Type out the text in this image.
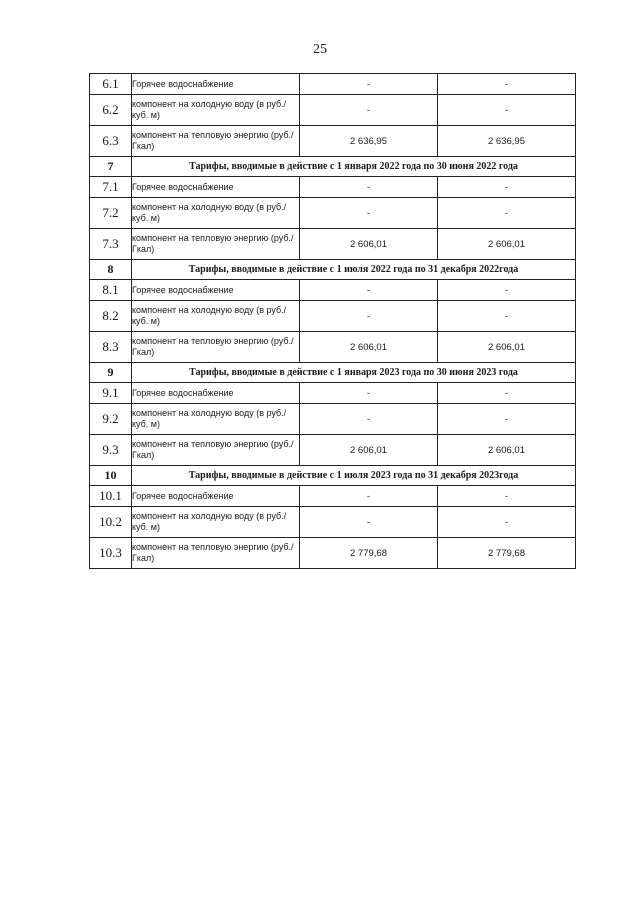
25
6.1	Горячее водоснабжение	-	-
6.2	компонент на холодную воду (в руб./куб. м)	-	-
6.3	компонент на тепловую энергию (руб./Гкал)	2 636,95	2 636,95
7	Тарифы, вводимые в действие с 1 января 2022 года по 30 июня 2022 года		
7.1	Горячее водоснабжение	-	-
7.2	компонент на холодную воду (в руб./куб. м)	-	-
7.3	компонент на тепловую энергию (руб./Гкал)	2 606,01	2 606,01
8	Тарифы, вводимые в действие с 1 июля 2022 года по 31 декабря 2022года		
8.1	Горячее водоснабжение	-	-
8.2	компонент на холодную воду (в руб./куб. м)	-	-
8.3	компонент на тепловую энергию (руб./Гкал)	2 606,01	2 606,01
9	Тарифы, вводимые в действие с 1 января 2023 года по 30 июня 2023 года		
9.1	Горячее водоснабжение	-	-
9.2	компонент на холодную воду (в руб./куб. м)	-	-
9.3	компонент на тепловую энергию (руб./Гкал)	2 606,01	2 606,01
10	Тарифы, вводимые в действие с 1 июля 2023 года по 31 декабря 2023года		
10.1	Горячее водоснабжение	-	-
10.2	компонент на холодную воду (в руб./куб. м)	-	-
10.3	компонент на тепловую энергию (руб./Гкал)	2 779,68	2 779,68
